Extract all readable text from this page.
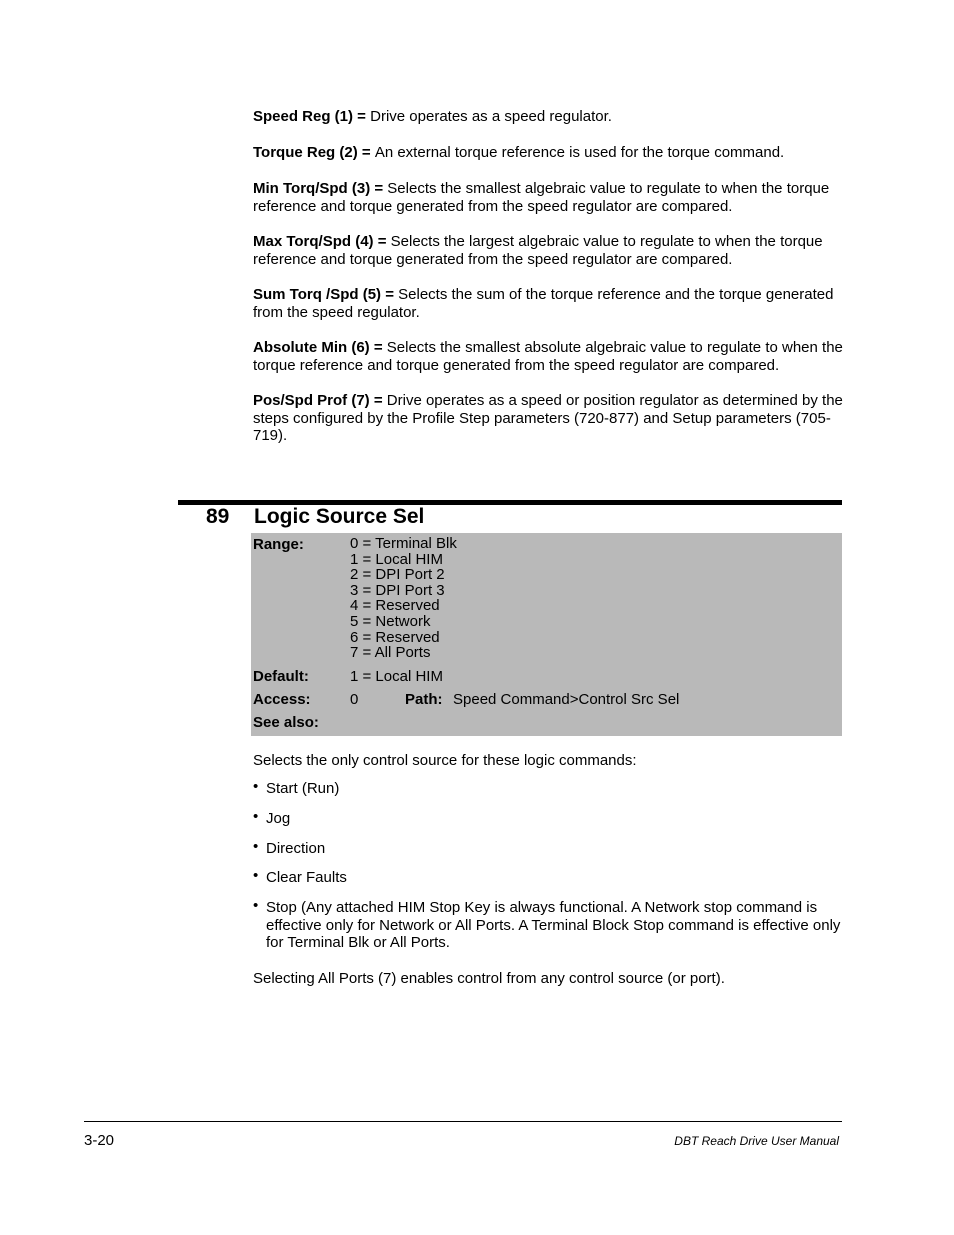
Speed Reg (1) = Drive operates as a speed regulator.
Torque Reg (2) = An external torque reference is used for the torque command.
Min Torq/Spd (3) = Selects the smallest algebraic value to regulate to when the torque reference and torque generated from the speed regulator are compared.
Max Torq/Spd (4) = Selects the largest algebraic value to regulate to when the torque reference and torque generated from the speed regulator are compared.
Sum Torq /Spd (5) = Selects the sum of the torque reference and the torque generated from the speed regulator.
Absolute Min (6) = Selects the smallest absolute algebraic value to regulate to when the torque reference and torque generated from the speed regulator are compared.
Pos/Spd Prof (7) = Drive operates as a speed or position regulator as determined by the steps configured by the Profile Step parameters (720-877) and Setup parameters (705-719).
89 Logic Source Sel
Range:	0 = Terminal Blk
1 = Local HIM
2 = DPI Port 2
3 = DPI Port 3
4 = Reserved
5 = Network
6 = Reserved
7 = All Ports
Default:	1 = Local HIM
Access:	0	Path: Speed Command>Control Src Sel
See also:
Selects the only control source for these logic commands:
• Start (Run)
• Jog
• Direction
• Clear Faults
• Stop (Any attached HIM Stop Key is always functional. A Network stop command is effective only for Network or All Ports. A Terminal Block Stop command is effective only for Terminal Blk or All Ports.
Selecting All Ports (7) enables control from any control source (or port).
3-20	DBT Reach Drive User Manual
